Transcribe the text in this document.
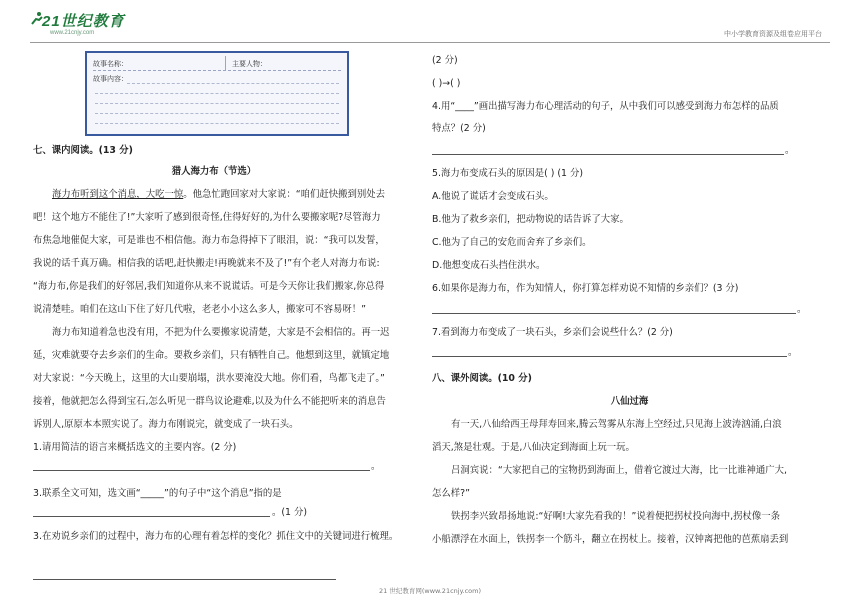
21世纪教育
www.21cnjy.com	中小学教育资源及组卷应用平台
故事名称：	主要人物：
故事内容：
七、课内阅读。(13 分)
猎人海力布（节选）
海力布听到这个消息，大吃一惊。他急忙跑回家对大家说：“咱们赶快搬到别处去
吧！这个地方不能住了!”大家听了感到很奇怪,住得好好的,为什么要搬家呢?尽管海力
布焦急地催促大家，可是谁也不相信他。海力布急得掉下了眼泪，说：“我可以发誓，
我说的话千真万确。相信我的话吧,赶快搬走!再晚就来不及了!”有个老人对海力布说:
“海力布,你是我们的好邻居,我们知道你从来不说谎话。可是今天你让我们搬家,你总得
说清楚哇。咱们在这山下住了好几代啦，老老小小这么多人，搬家可不容易呀！”
海力布知道着急也没有用，不把为什么要搬家说清楚，大家是不会相信的。再一迟
延，灾难就要夺去乡亲们的生命。要救乡亲们，只有牺牲自己。他想到这里，就镇定地
对大家说：“今天晚上，这里的大山要崩塌，洪水要淹没大地。你们看，鸟都飞走了。”
接着，他就把怎么得到宝石,怎么听见一群鸟议论避难,以及为什么不能把听来的消息告
诉别人,原原本本照实说了。海力布刚说完，就变成了一块石头。
1.请用简洁的语言来概括选文的主要内容。(2 分)
。
3.联系全文可知，选文画“_____”的句子中“这个消息”指的是
。(1 分)
3.在劝说乡亲们的过程中，海力布的心理有着怎样的变化？抓住文中的关键词进行梳理。
(2 分)
( )→( )
4.用“____”画出描写海力布心理活动的句子，从中我们可以感受到海力布怎样的品质
特点？(2 分)
。
5.海力布变成石头的原因是( ) (1 分)
A.他说了谎话才会变成石头。
B.他为了救乡亲们，把动物说的话告诉了大家。
C.他为了自己的安危而舍弃了乡亲们。
D.他想变成石头挡住洪水。
6.如果你是海力布，作为知情人，你打算怎样劝说不知情的乡亲们？(3 分)
。
7.看到海力布变成了一块石头，乡亲们会说些什么？(2 分)
。
八、课外阅读。(10 分)
八仙过海
有一天,八仙给西王母拜寿回来,腾云驾雾从东海上空经过,只见海上波涛汹涌,白浪
滔天,煞是壮观。于是,八仙决定到海面上玩一玩。
吕洞宾说：“大家把自己的宝物扔到海面上，借着它渡过大海，比一比谁神通广大,
怎么样?”
铁拐李兴致昂扬地说:“好啊!大家先看我的！”说着便把拐杖投向海中,拐杖像一条
小船漂浮在水面上，铁拐李一个筋斗，翻立在拐杖上。接着，汉钟离把他的芭蕉扇丢到
21 世纪教育网(www.21cnjy.com)
